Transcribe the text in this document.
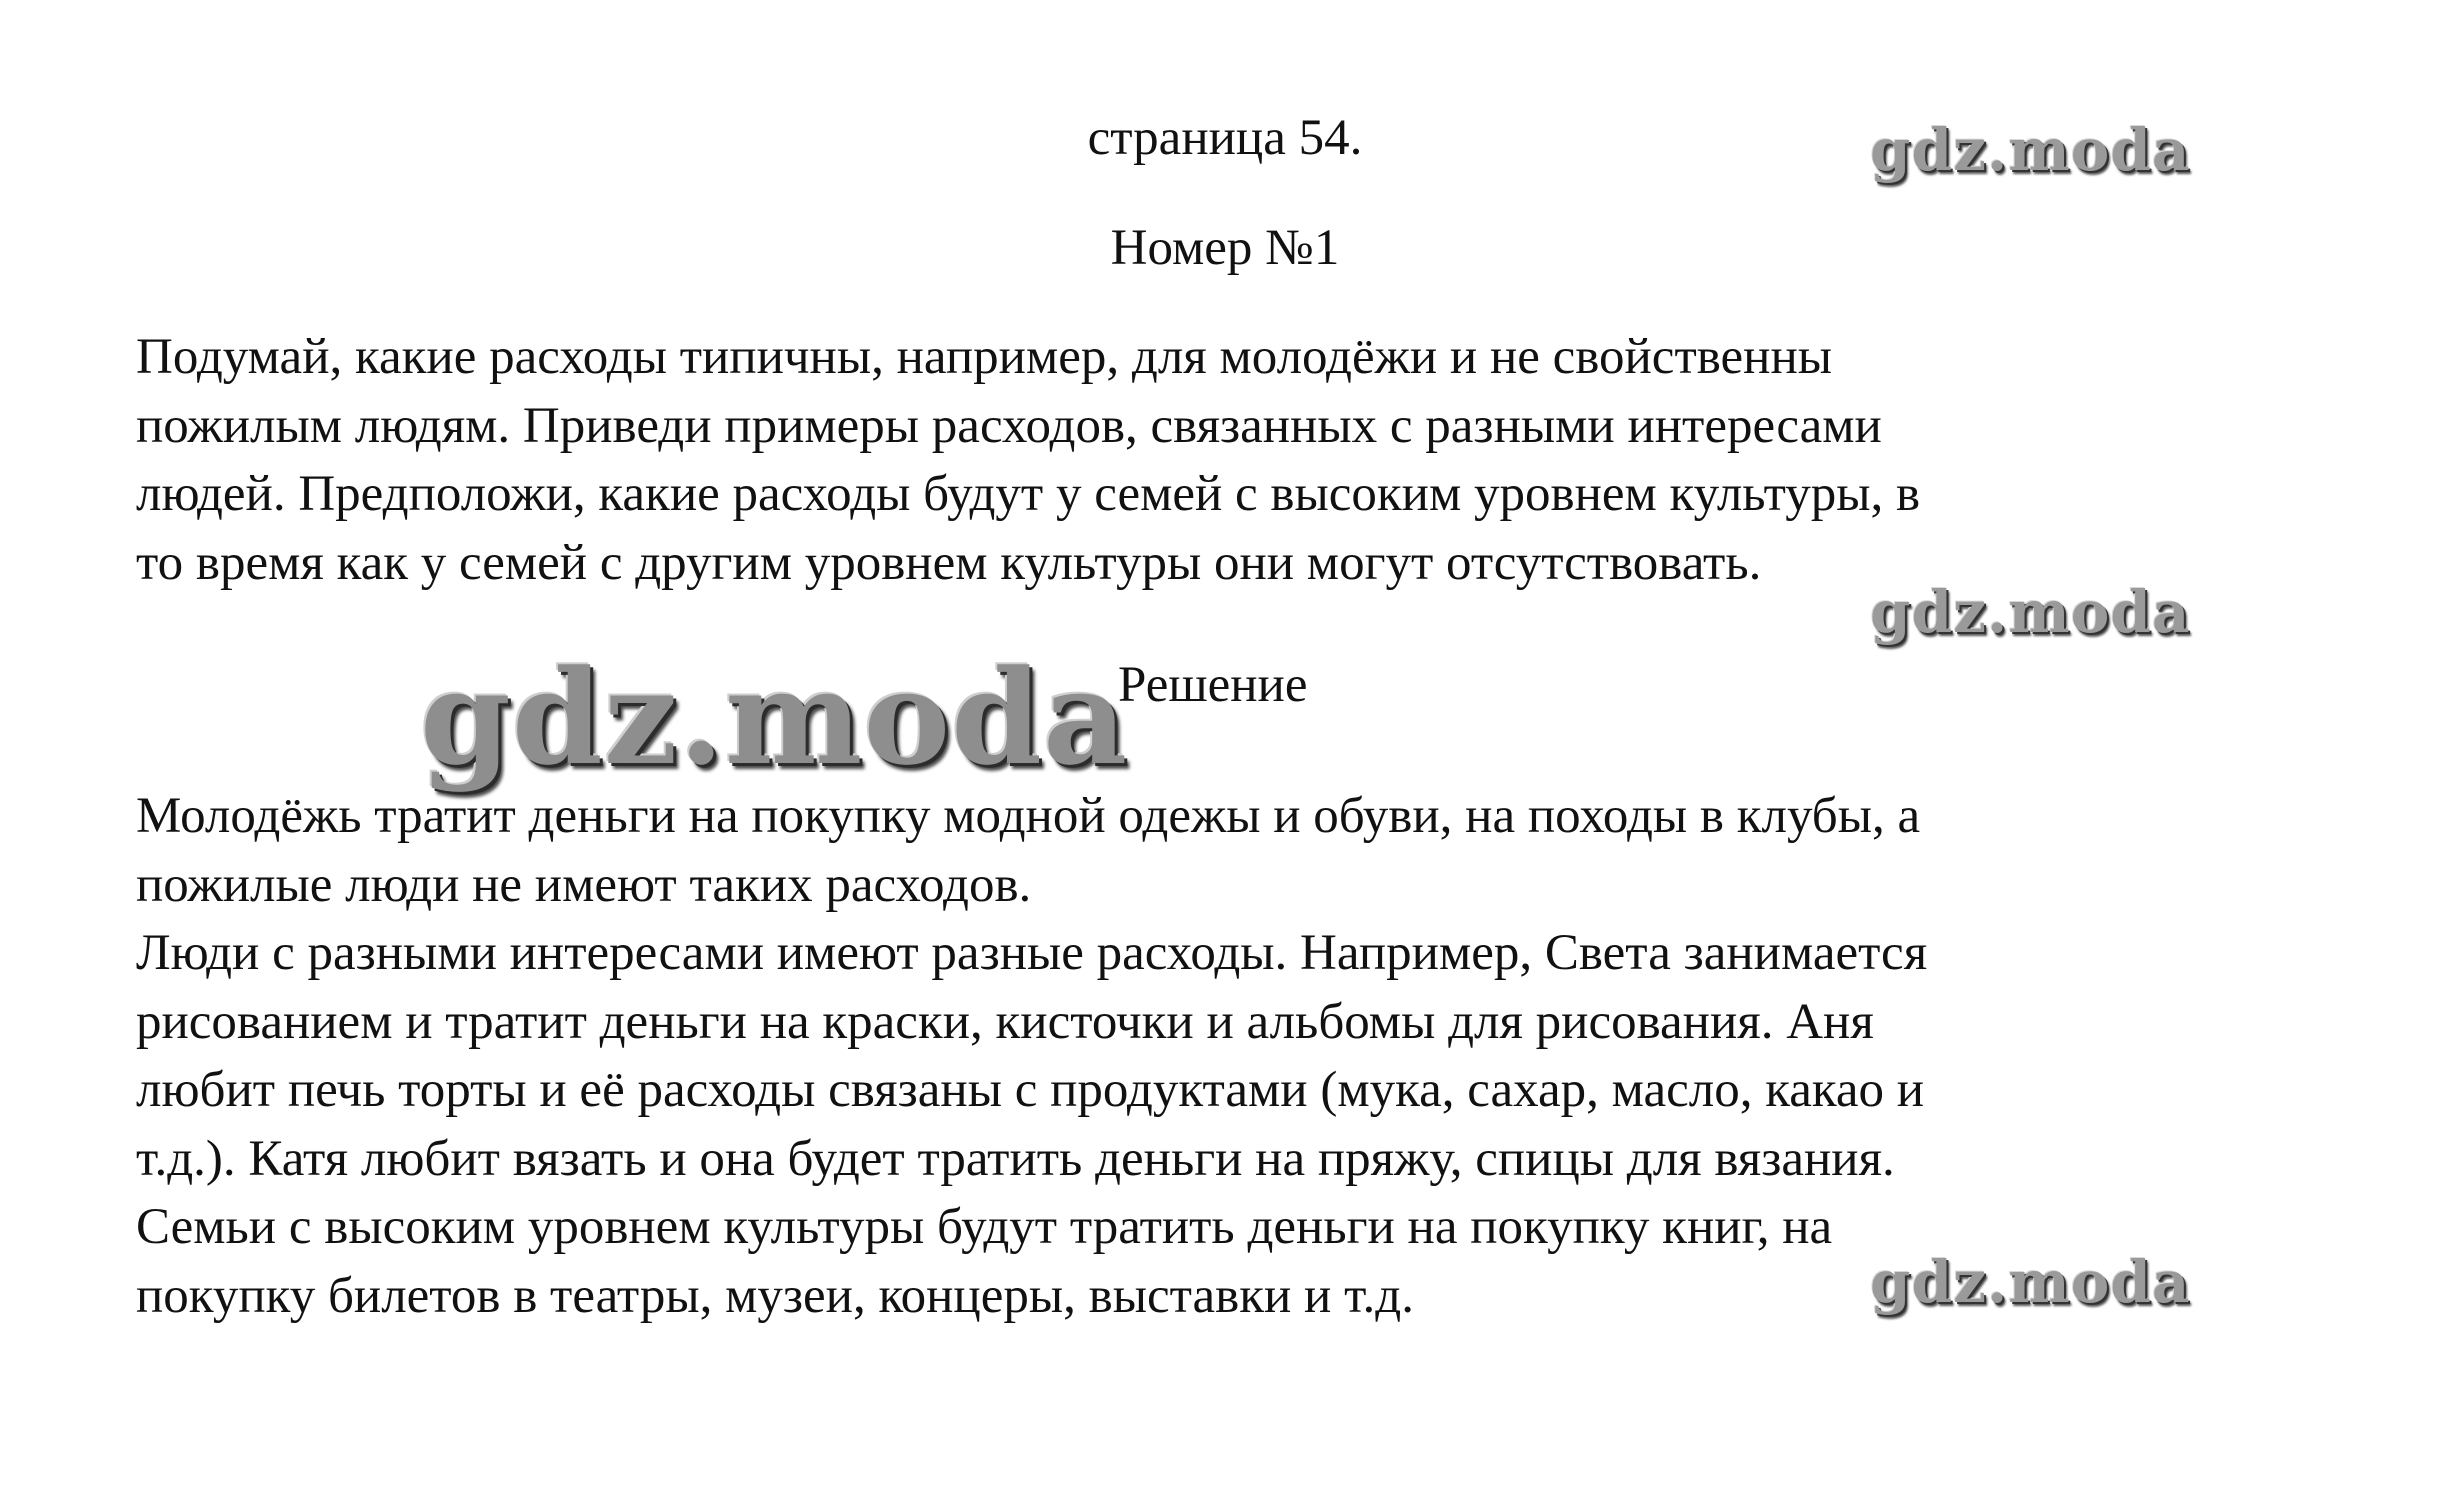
страница 54.
Номер №1
Подумай, какие расходы типичны, например, для молодёжи и не свойственны
пожилым людям. Приведи примеры расходов, связанных с разными интересами
людей. Предположи, какие расходы будут у семей с высоким уровнем культуры, в
то время как у семей с другим уровнем культуры они могут отсутствовать.
Решение
Молодёжь тратит деньги на покупку модной одежы и обуви, на походы в клубы, а
пожилые люди не имеют таких расходов.
Люди с разными интересами имеют разные расходы. Например, Света занимается
рисованием и тратит деньги на краски, кисточки и альбомы для рисования. Аня
любит печь торты и её расходы связаны с продуктами (мука, сахар, масло, какао и
т.д.). Катя любит вязать и она будет тратить деньги на пряжу, спицы для вязания.
Семьи с высоким уровнем культуры будут тратить деньги на покупку книг, на
покупку билетов в театры, музеи, концеры, выставки и т.д.
gdz.moda
gdz.moda
gdz.moda
gdz.moda
